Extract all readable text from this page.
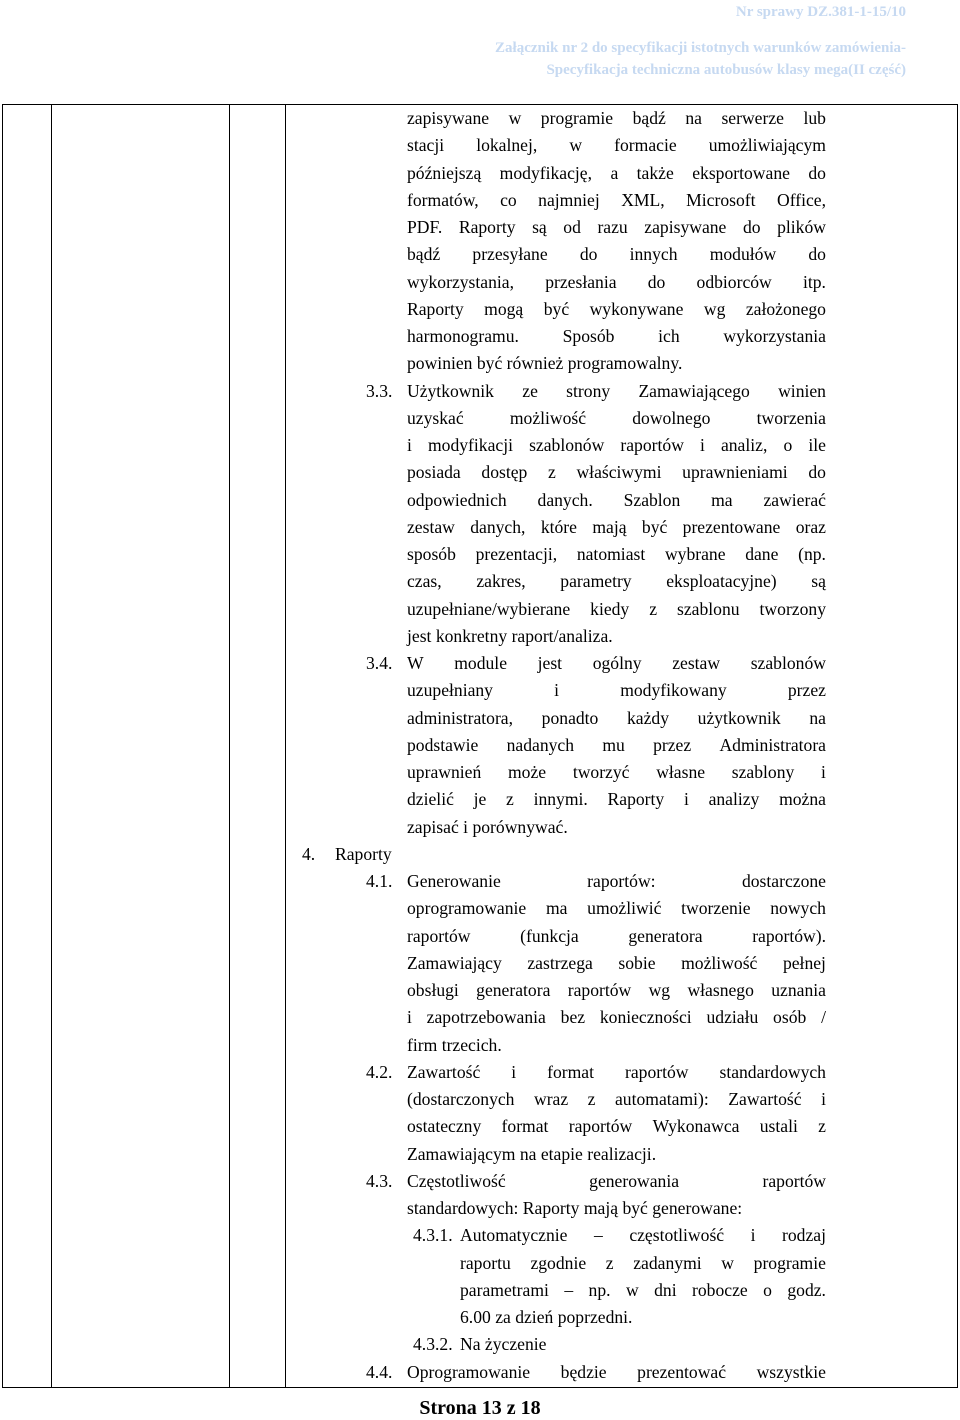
Nr sprawy DZ.381-1-15/10
Załącznik nr 2 do specyfikacji istotnych warunków zamówienia-
Specyfikacja techniczna autobusów klasy mega(II część)
zapisywane w programie bądź na serwerze lub
stacji lokalnej, w formacie umożliwiającym
późniejszą modyfikację, a także eksportowane do
formatów, co najmniej XML, Microsoft Office,
PDF. Raporty są od razu zapisywane do plików
bądź przesyłane do innych modułów do
wykorzystania, przesłania do odbiorców itp.
Raporty mogą być wykonywane wg założonego
harmonogramu. Sposób ich wykorzystania
powinien być również programowalny.
3.3. Użytkownik ze strony Zamawiającego winien
uzyskać	możliwość	dowolnego	tworzenia
i modyfikacji szablonów raportów i analiz, o ile
posiada dostęp z właściwymi uprawnieniami do
odpowiednich danych. Szablon ma zawierać
zestaw danych, które mają być prezentowane oraz
sposób prezentacji, natomiast wybrane dane (np.
czas, zakres, parametry eksploatacyjne) są
uzupełniane/wybierane kiedy z szablonu tworzony
jest konkretny raport/analiza.
3.4. W module jest ogólny zestaw szablonów
uzupełniany	i	modyfikowany	przez
administratora, ponadto każdy użytkownik na
podstawie nadanych mu przez Administratora
uprawnień może tworzyć własne szablony i
dzielić je z innymi. Raporty i analizy można
zapisać i porównywać.
4. Raporty
4.1. Generowanie	raportów:	dostarczone
oprogramowanie ma umożliwić tworzenie nowych
raportów	(funkcja	generatora	raportów).
Zamawiający zastrzega sobie możliwość pełnej
obsługi generatora raportów wg własnego uznania
i zapotrzebowania bez konieczności udziału osób /
firm trzecich.
4.2. Zawartość i format raportów standardowych
(dostarczonych wraz z automatami): Zawartość i
ostateczny format raportów Wykonawca ustali z
Zamawiającym na etapie realizacji.
4.3. Częstotliwość	generowania	raportów
standardowych: Raporty mają być generowane:
4.3.1. Automatycznie – częstotliwość i rodzaj
raportu zgodnie z zadanymi w programie
parametrami – np. w dni robocze o godz.
6.00 za dzień poprzedni.
4.3.2. Na życzenie
4.4. Oprogramowanie będzie prezentować wszystkie
Strona 13 z 18
